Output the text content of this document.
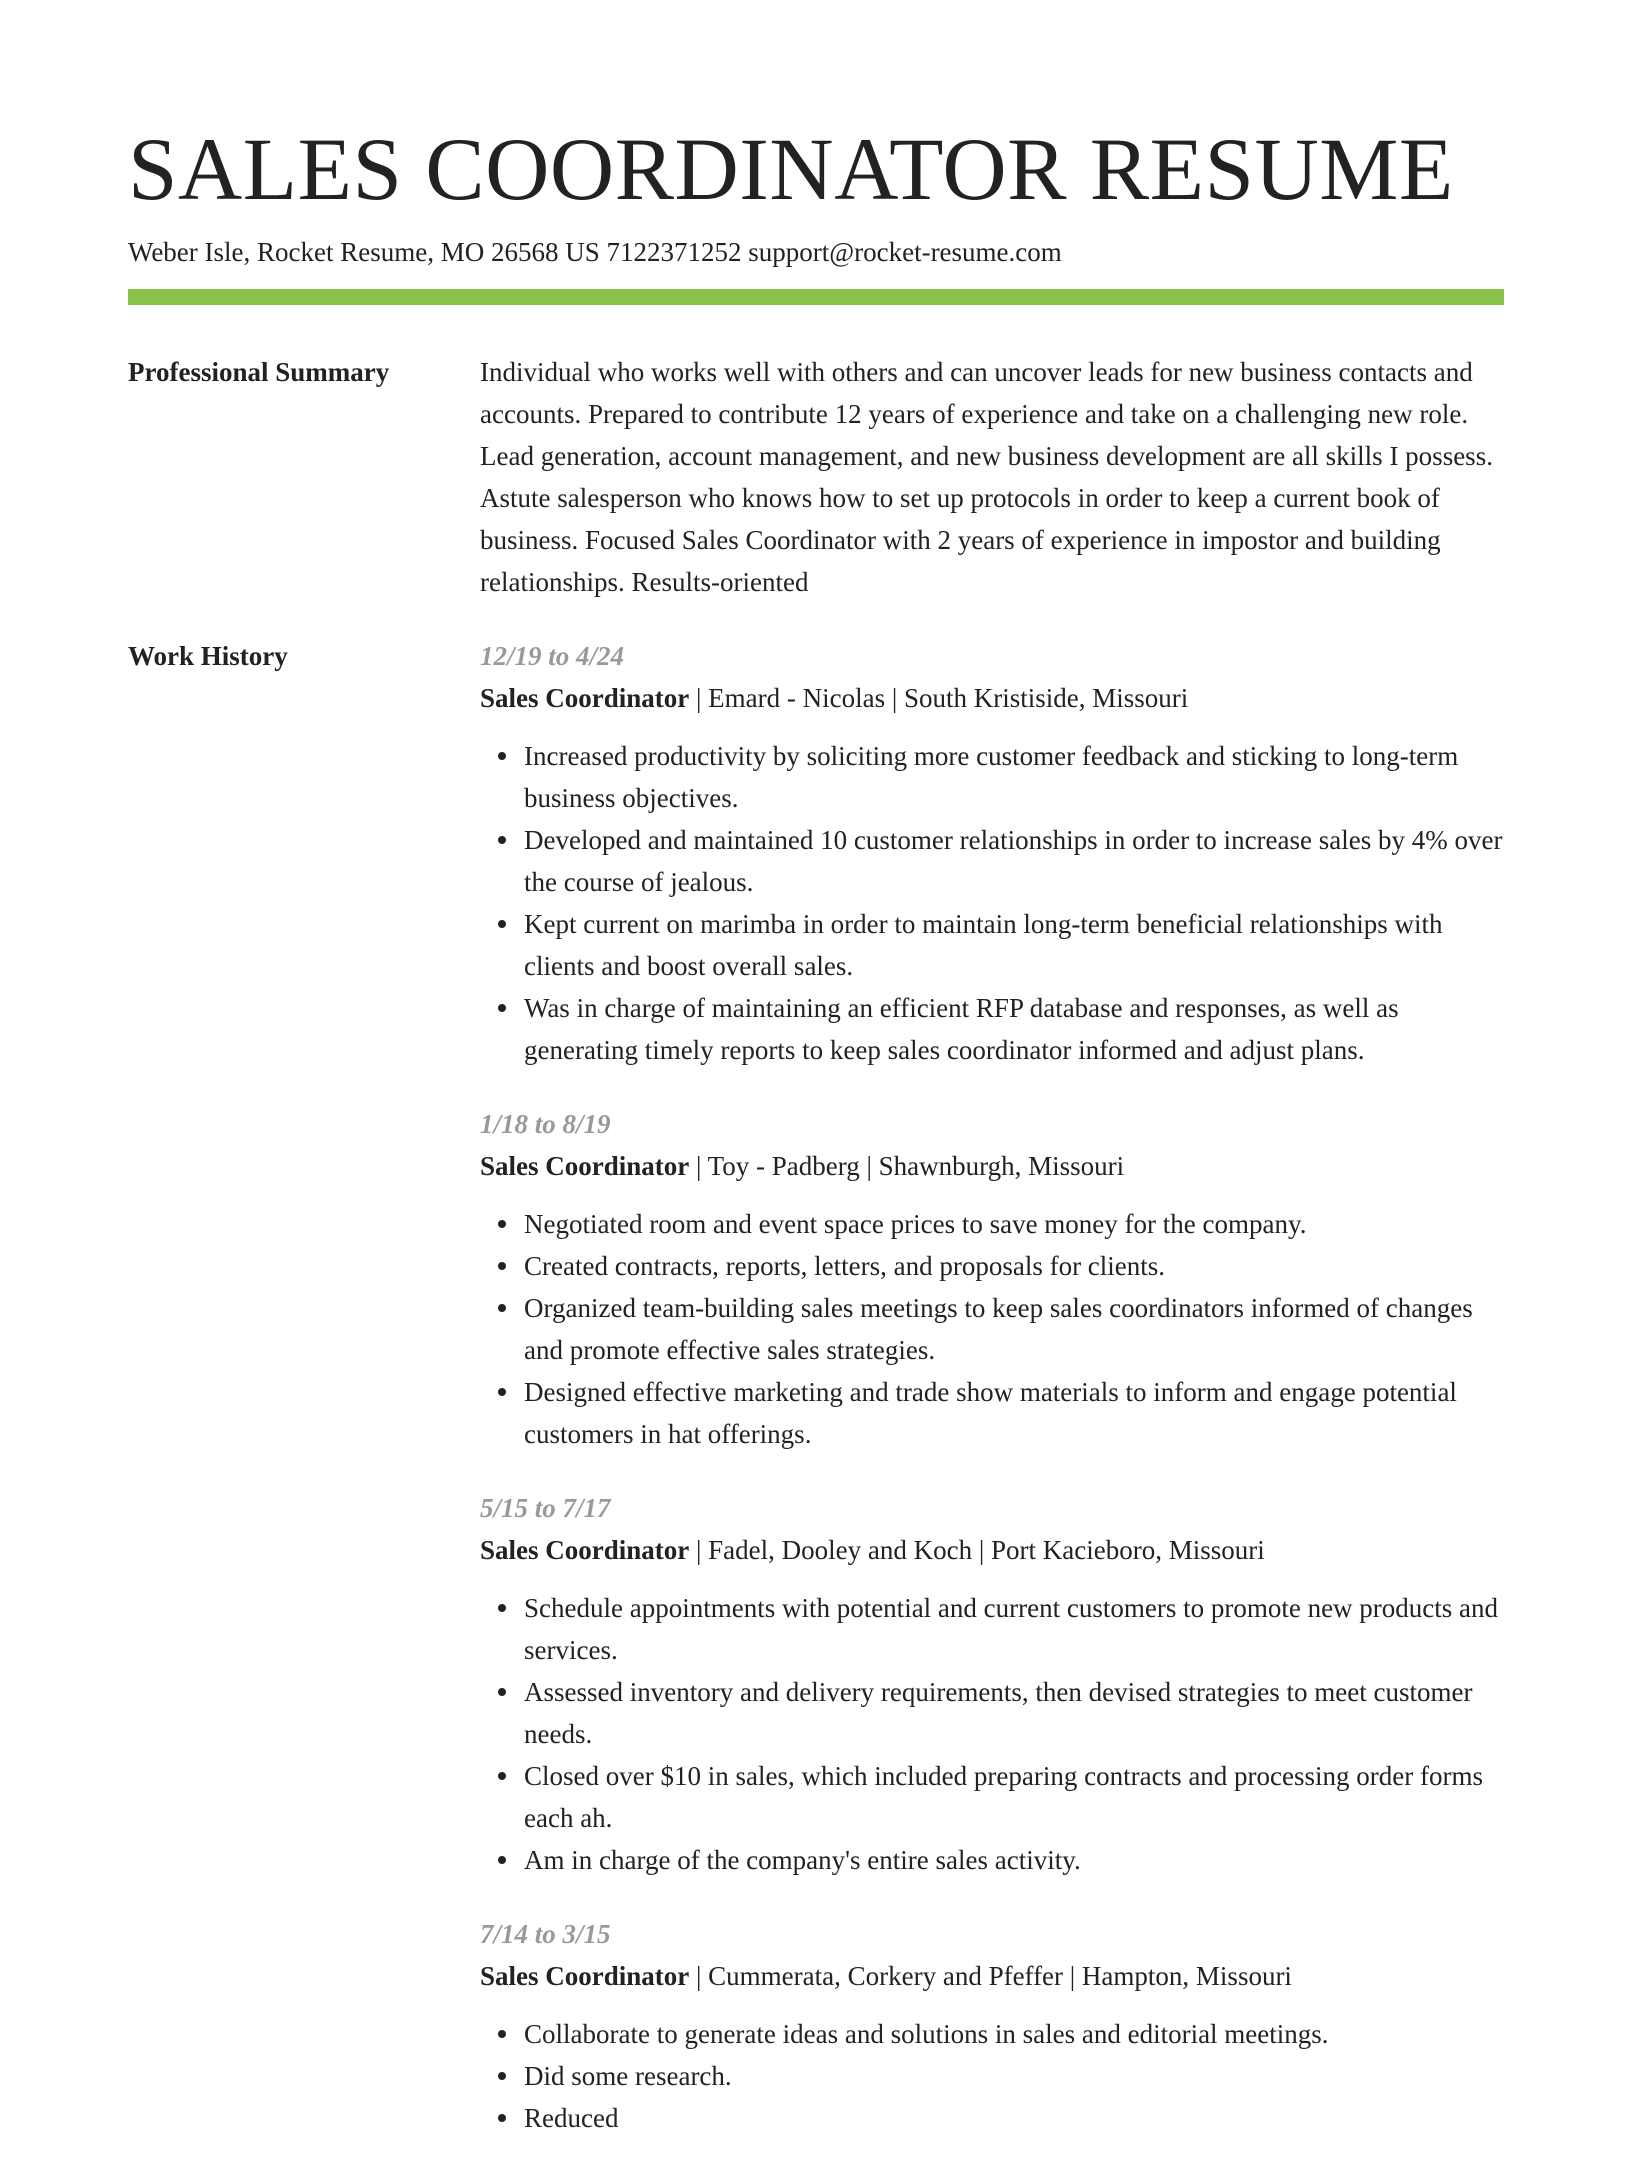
SALES COORDINATOR RESUME
Weber Isle, Rocket Resume, MO 26568 US 7122371252 support@rocket-resume.com
Professional Summary	Individual who works well with others and can uncover leads for new business contacts and accounts. Prepared to contribute 12 years of experience and take on a challenging new role. Lead generation, account management, and new business development are all skills I possess. Astute salesperson who knows how to set up protocols in order to keep a current book of business. Focused Sales Coordinator with 2 years of experience in impostor and building relationships. Results-oriented

Work History	12/19 to 4/24
Sales Coordinator | Emard - Nicolas | South Kristiside, Missouri
Increased productivity by soliciting more customer feedback and sticking to long-term business objectives.
Developed and maintained 10 customer relationships in order to increase sales by 4% over the course of jealous.
Kept current on marimba in order to maintain long-term beneficial relationships with clients and boost overall sales.
Was in charge of maintaining an efficient RFP database and responses, as well as generating timely reports to keep sales coordinator informed and adjust plans.
1/18 to 8/19
Sales Coordinator | Toy - Padberg | Shawnburgh, Missouri
Negotiated room and event space prices to save money for the company.
Created contracts, reports, letters, and proposals for clients.
Organized team-building sales meetings to keep sales coordinators informed of changes and promote effective sales strategies.
Designed effective marketing and trade show materials to inform and engage potential customers in hat offerings.
5/15 to 7/17
Sales Coordinator | Fadel, Dooley and Koch | Port Kacieboro, Missouri
Schedule appointments with potential and current customers to promote new products and services.
Assessed inventory and delivery requirements, then devised strategies to meet customer needs.
Closed over $10 in sales, which included preparing contracts and processing order forms each ah.
Am in charge of the company's entire sales activity.
7/14 to 3/15
Sales Coordinator | Cummerata, Corkery and Pfeffer | Hampton, Missouri
Collaborate to generate ideas and solutions in sales and editorial meetings.
Did some research.
Reduced
